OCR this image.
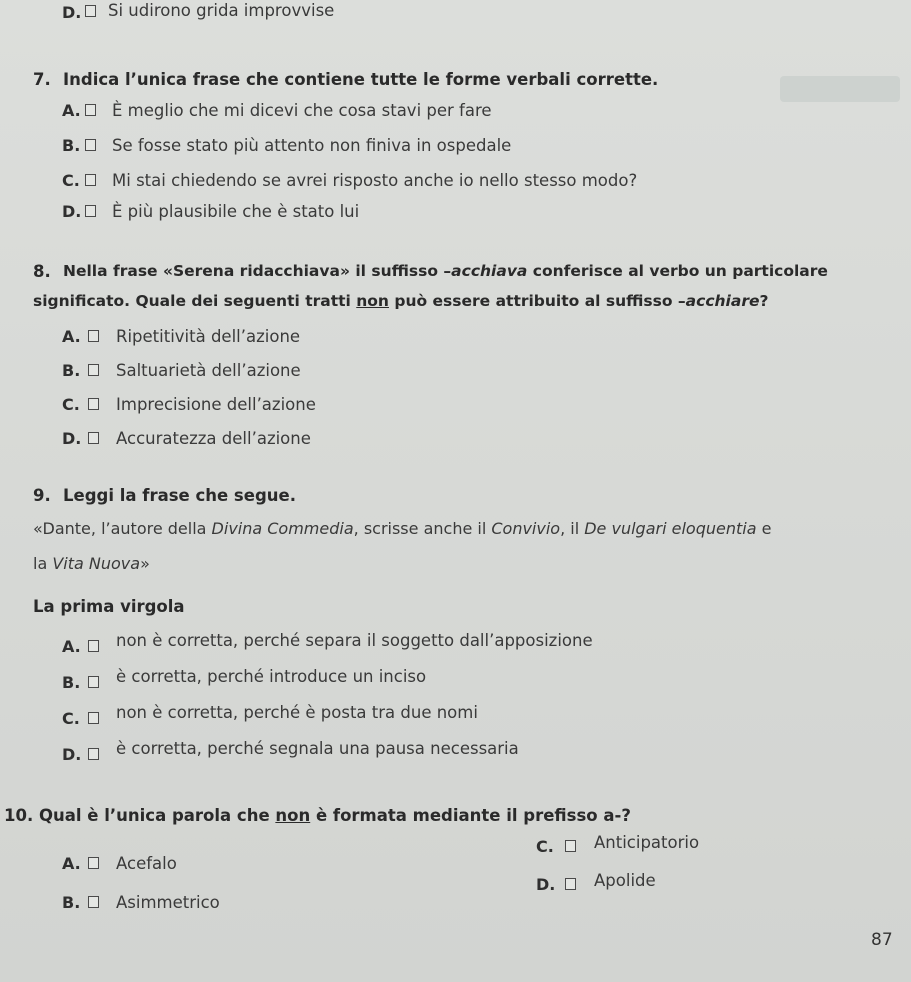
D. Si udirono grida improvvise
7. Indica l’unica frase che contiene tutte le forme verbali corrette.
A. È meglio che mi dicevi che cosa stavi per fare
B. Se fosse stato più attento non finiva in ospedale
C. Mi stai chiedendo se avrei risposto anche io nello stesso modo?
D. È più plausibile che è stato lui
8. Nella frase «Serena ridacchiava» il suffisso –acchiava conferisce al verbo un particolare
significato. Quale dei seguenti tratti non può essere attribuito al suffisso –acchiare?
A. Ripetitività dell’azione
B. Saltuarietà dell’azione
C. Imprecisione dell’azione
D. Accuratezza dell’azione
9. Leggi la frase che segue.
«Dante, l’autore della Divina Commedia, scrisse anche il Convivio, il De vulgari eloquentia e
la Vita Nuova»
La prima virgola
A. non è corretta, perché separa il soggetto dall’apposizione
B. è corretta, perché introduce un inciso
C. non è corretta, perché è posta tra due nomi
D. è corretta, perché segnala una pausa necessaria
10. Qual è l’unica parola che non è formata mediante il prefisso a-?
A. Acefalo
B. Asimmetrico
C. Anticipatorio
D. Apolide
87
